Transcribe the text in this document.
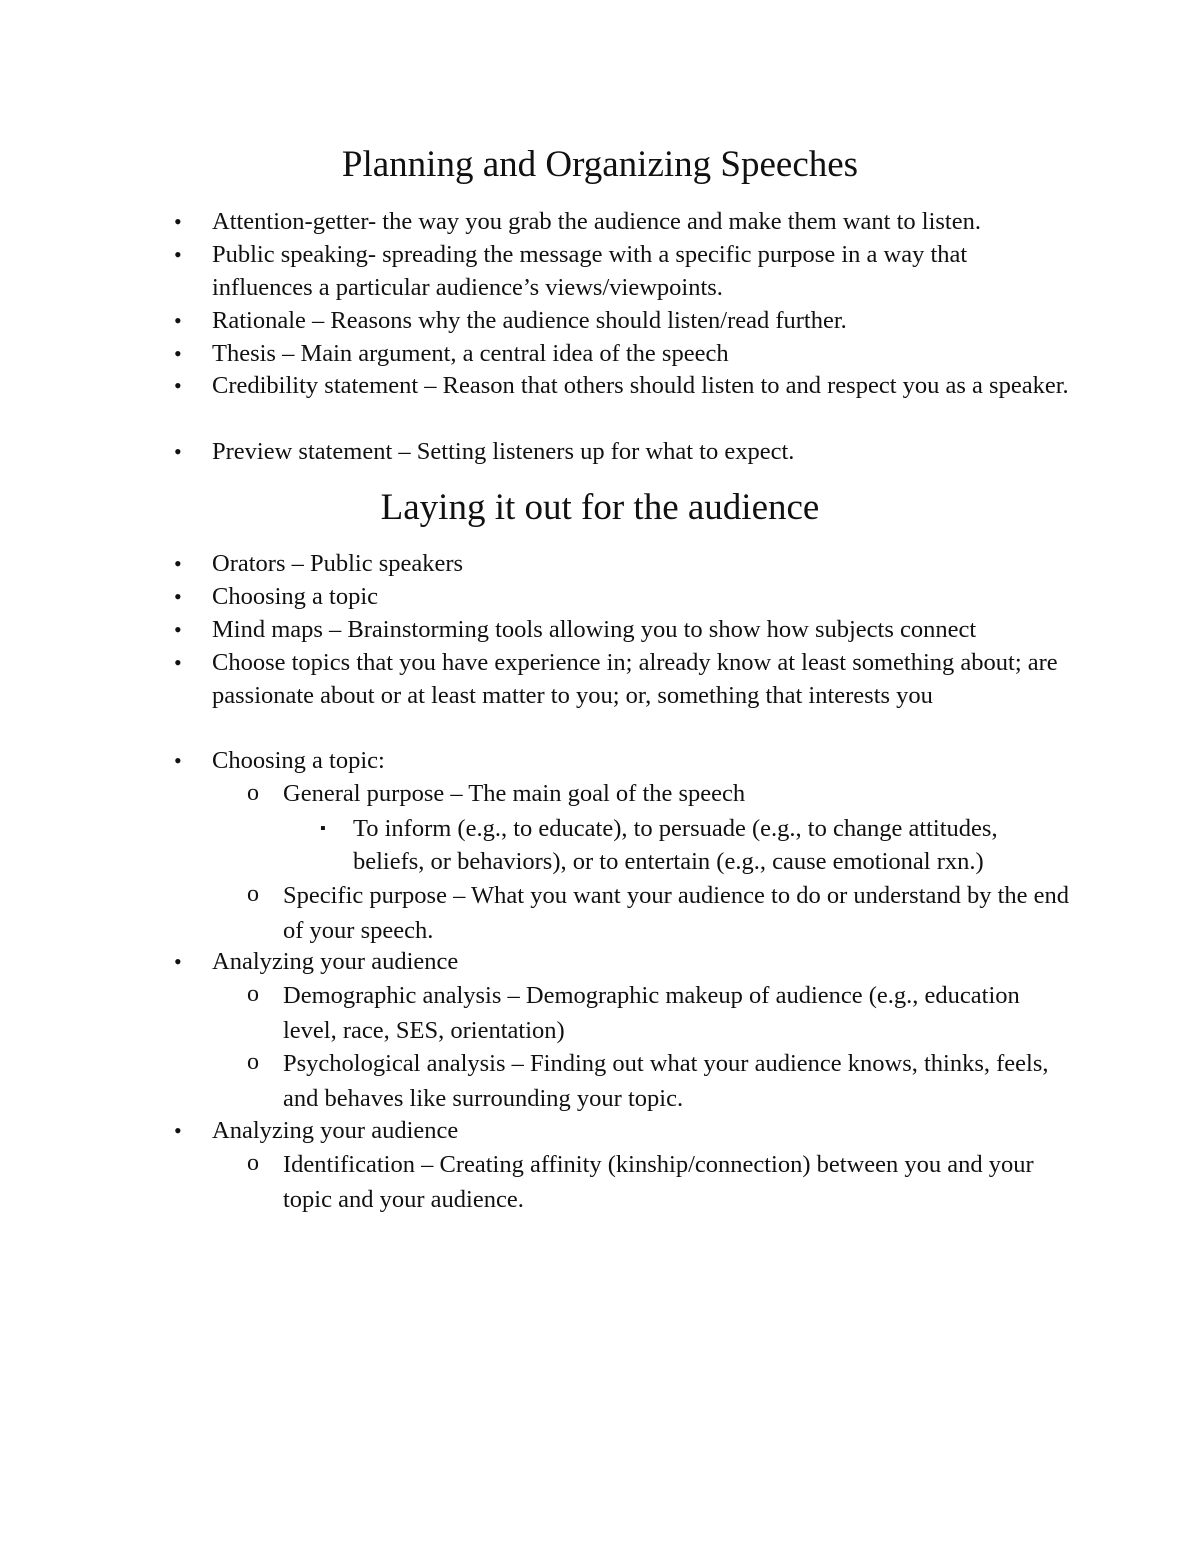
Planning and Organizing Speeches
• Attention-getter- the way you grab the audience and make them want to listen.

• Public speaking- spreading the message with a specific purpose in a way that influences a particular audience’s views/viewpoints.

• Rationale – Reasons why the audience should listen/read further.

• Thesis – Main argument, a central idea of the speech

• Credibility statement – Reason that others should listen to and respect you as a speaker.

• Preview statement – Setting listeners up for what to expect.

Laying it out for the audience
• Orators – Public speakers

• Choosing a topic

• Mind maps – Brainstorming tools allowing you to show how subjects connect

• Choose topics that you have experience in; already know at least something about; are passionate about or at least matter to you; or, something that interests you

• Choosing a topic:

o General purpose – The main goal of the speech

▪ To inform (e.g., to educate), to persuade (e.g., to change attitudes, beliefs, or behaviors), or to entertain (e.g., cause emotional rxn.)

o Specific purpose – What you want your audience to do or understand by the end of your speech.

• Analyzing your audience

o Demographic analysis – Demographic makeup of audience (e.g., education level, race, SES, orientation)

o Psychological analysis – Finding out what your audience knows, thinks, feels, and behaves like surrounding your topic.

• Analyzing your audience

o Identification – Creating affinity (kinship/connection) between you and your topic and your audience.
